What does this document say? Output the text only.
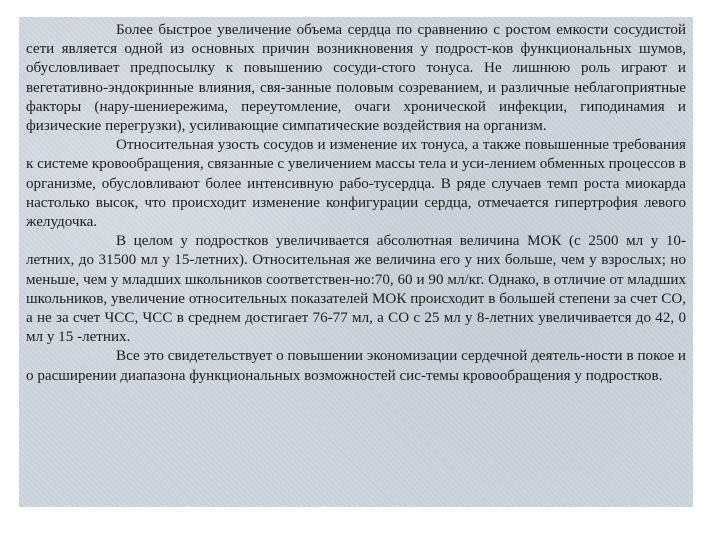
Более быстрое увеличение объема сердца по сравнению с ростом емкости сосудистой сети является одной из основных причин возникновения у подрост-ков функциональных шумов, обусловливает предпосылку к повышению сосуди-стого тонуса. Не лишнюю роль играют и вегетативно-эндокринные влияния, свя-занные половым созреванием, и различные неблагоприятные факторы (нару-шениережима, переутомление, очаги хронической инфекции, гиподинамия и физические перегрузки), усиливающие симпатические воздействия на организм.

Относительная узость сосудов и изменение их тонуса, а также повышенные требования к системе кровообращения, связанные с увеличением массы тела и уси-лением обменных процессов в организме, обусловливают более интенсивную рабо-тусердца. В ряде случаев темп роста миокарда настолько высок, что происходит изменение конфигурации сердца, отмечается гипертрофия левого желудочка.

В целом у подростков увеличивается абсолютная величина МОК (с 2500 мл у 10-летних, до 31500 мл у 15-летних). Относительная же величина его у них больше, чем у взрослых; но меньше, чем у младших школьников соответствен-но:70, 60 и 90 мл/кг. Однако, в отличие от младших школьников, увеличение относительных показателей МОК происходит в большей степени за счет СО, а не за счет ЧСС, ЧСС в среднем достигает 76-77 мл, а СО с 25 мл у 8-летних увеличивается до 42, 0 мл у 15 -летних.

Все это свидетельствует о повышении экономизации сердечной деятель-ности в покое и о расширении диапазона функциональных возможностей сис-темы кровообращения у подростков.
